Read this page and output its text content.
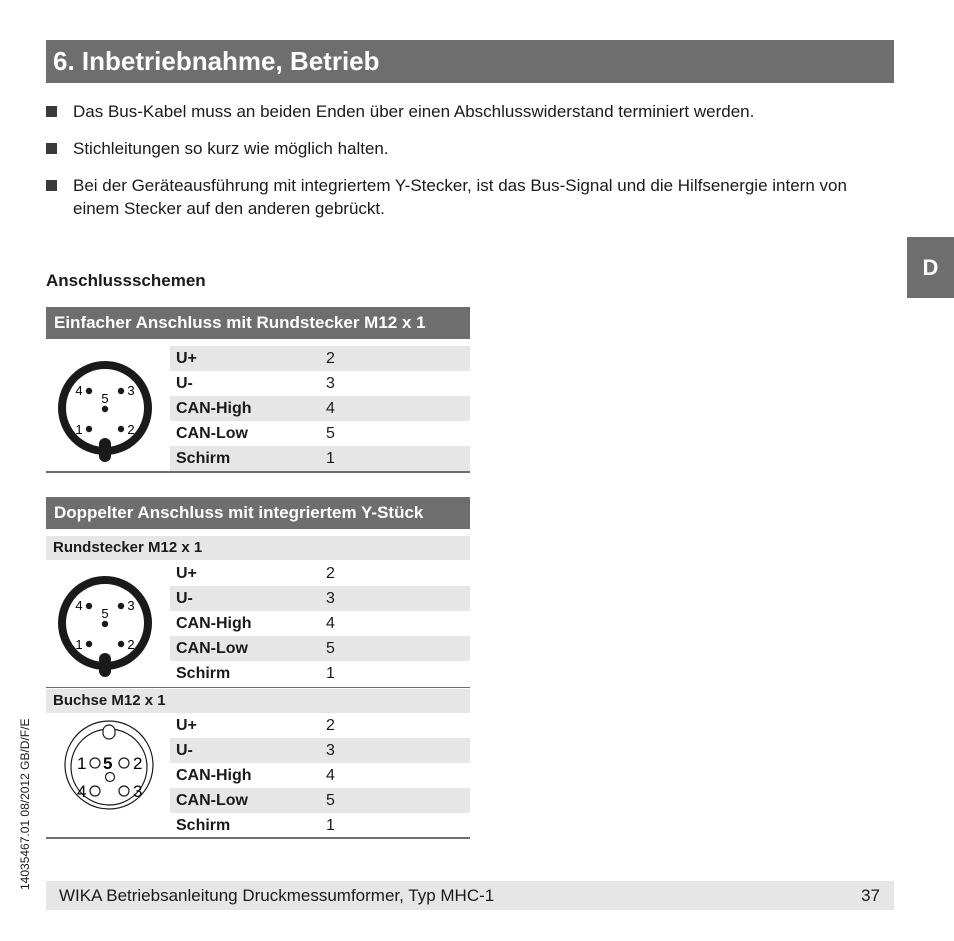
6. Inbetriebnahme, Betrieb
D
Das Bus-Kabel muss an beiden Enden über einen Abschlusswiderstand terminiert werden.
Stichleitungen so kurz wie möglich halten.
Bei der Geräteausführung mit integriertem Y-Stecker, ist das Bus-Signal und die Hilfsenergie intern von einem Stecker auf den anderen gebrückt.
Anschlussschemen
Einfacher Anschluss mit Rundstecker M12 x 1
4
5
3
1	2
U+	2
U-	3
CAN-High	4
CAN-Low	5
Schirm	1
Doppelter Anschluss mit integriertem Y-Stück
Rundstecker M12 x 1
4
5
3
1	2
U+	2
U-	3
CAN-High	4
CAN-Low	5
Schirm	1
Buchse M12 x 1
1 5 2
4	3
U+	2
U-	3
CAN-High	4
CAN-Low	5
Schirm	1
14035467.01 08/2012 GB/D/F/E
WIKA Betriebsanleitung Druckmessumformer, Typ MHC-1	37
